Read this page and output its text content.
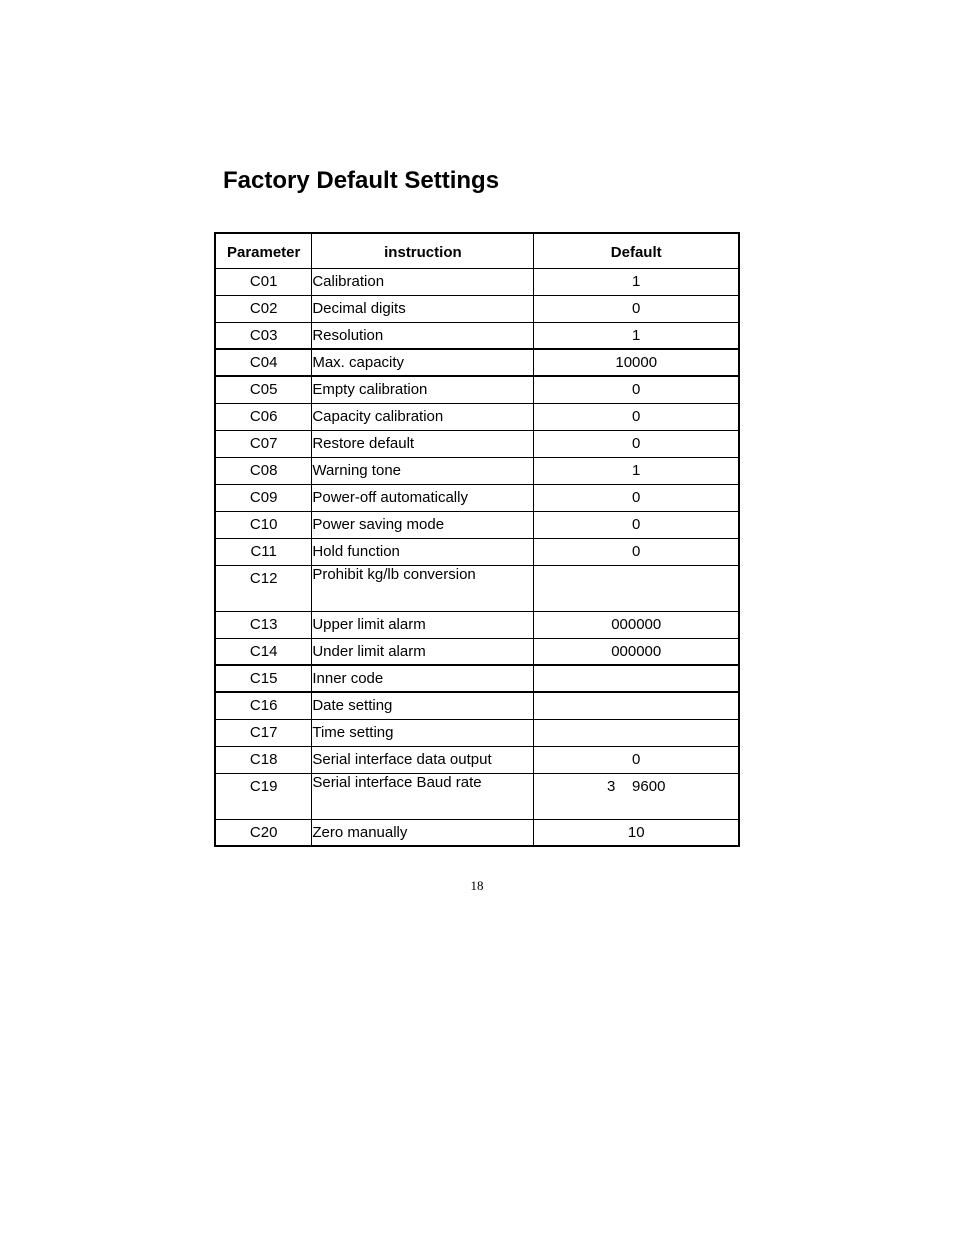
Factory Default Settings
Parameter	instruction	Default
C01	Calibration	1
C02	Decimal digits	0
C03	Resolution	1
C04	Max. capacity	10000
C05	Empty calibration	0
C06	Capacity calibration	0
C07	Restore default	0
C08	Warning tone	1
C09	Power-off automatically	0
C10	Power saving mode	0
C11	Hold function	0
C12	Prohibit kg/lb conversion	
C13	Upper limit alarm	000000
C14	Under limit alarm	000000
C15	Inner code	
C16	Date setting	
C17	Time setting	
C18	Serial interface data output	0
C19	Serial interface Baud rate	3    9600
C20	Zero manually	10
18
